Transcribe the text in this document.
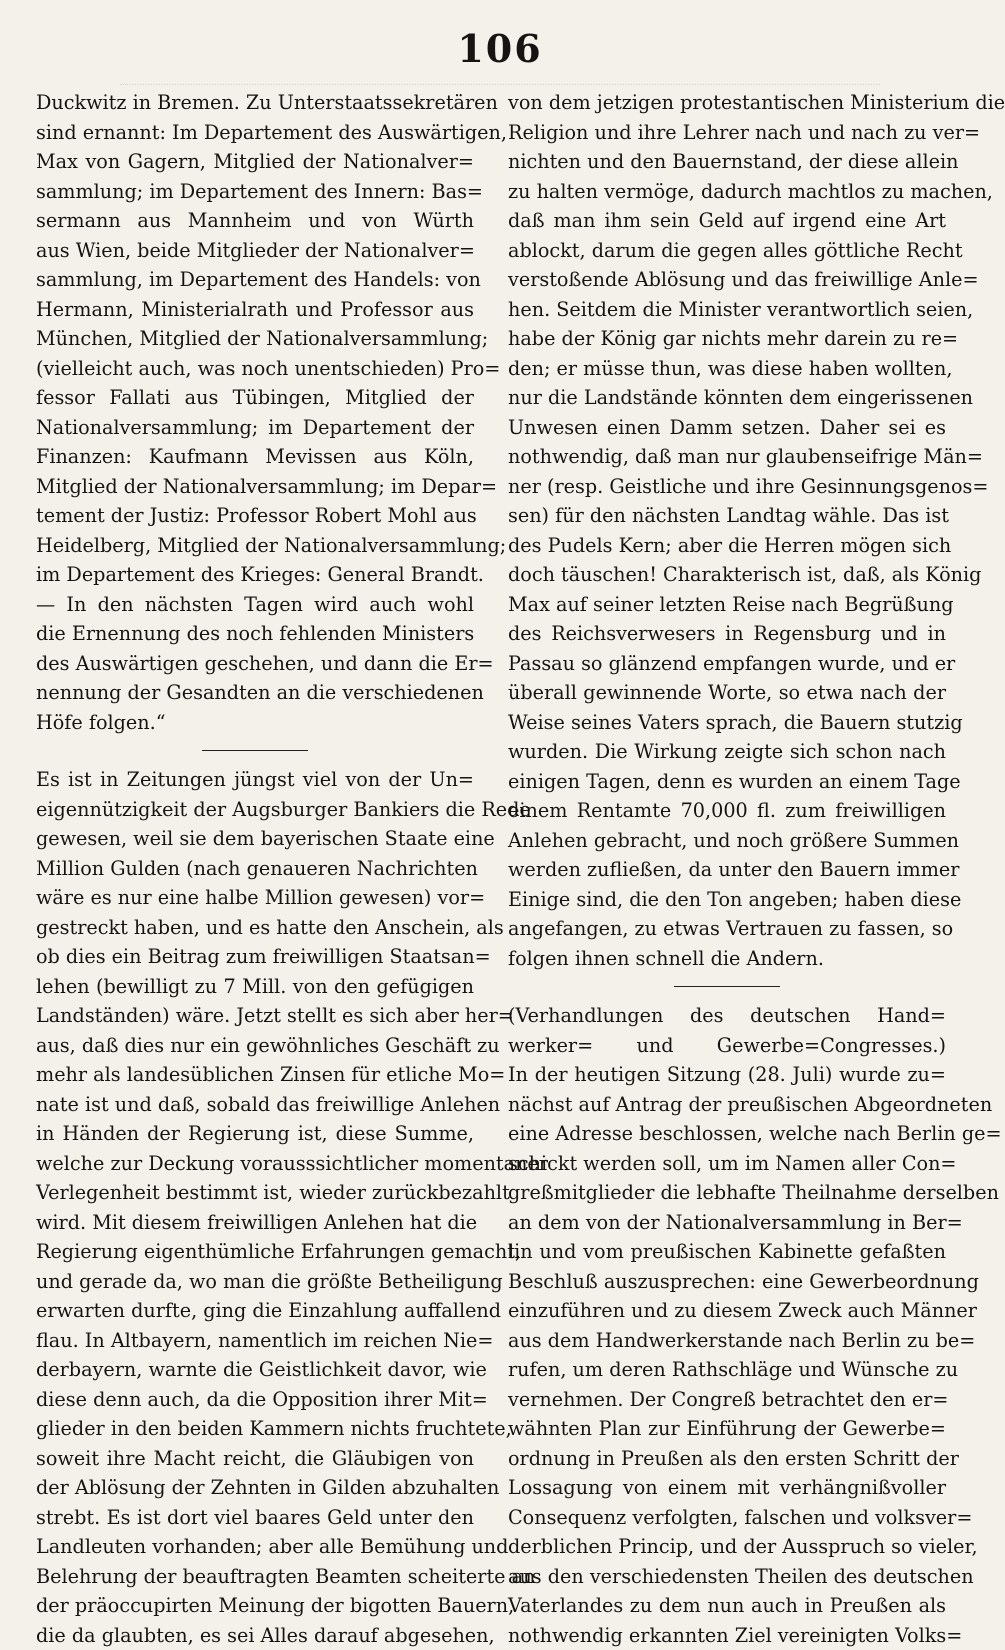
106
Duckwitz in Bremen. Zu Unterstaatssekretären
sind ernannt: Im Departement des Auswärtigen,
Max von Gagern, Mitglied der Nationalver=
sammlung; im Departement des Innern: Bas=
sermann aus Mannheim und von Würth
aus Wien, beide Mitglieder der Nationalver=
sammlung, im Departement des Handels: von
Hermann, Ministerialrath und Professor aus
München, Mitglied der Nationalversammlung;
(vielleicht auch, was noch unentschieden) Pro=
fessor Fallati aus Tübingen, Mitglied der
Nationalversammlung; im Departement der
Finanzen: Kaufmann Mevissen aus Köln,
Mitglied der Nationalversammlung; im Depar=
tement der Justiz: Professor Robert Mohl aus
Heidelberg, Mitglied der Nationalversammlung;
im Departement des Krieges: General Brandt.
— In den nächsten Tagen wird auch wohl
die Ernennung des noch fehlenden Ministers
des Auswärtigen geschehen, und dann die Er=
nennung der Gesandten an die verschiedenen
Höfe folgen.“
Es ist in Zeitungen jüngst viel von der Un=
eigennützigkeit der Augsburger Bankiers die Rede
gewesen, weil sie dem bayerischen Staate eine
Million Gulden (nach genaueren Nachrichten
wäre es nur eine halbe Million gewesen) vor=
gestreckt haben, und es hatte den Anschein, als
ob dies ein Beitrag zum freiwilligen Staatsan=
lehen (bewilligt zu 7 Mill. von den gefügigen
Landständen) wäre. Jetzt stellt es sich aber her=
aus, daß dies nur ein gewöhnliches Geschäft zu
mehr als landesüblichen Zinsen für etliche Mo=
nate ist und daß, sobald das freiwillige Anlehen
in Händen der Regierung ist, diese Summe,
welche zur Deckung vorausssichtlicher momentaner
Verlegenheit bestimmt ist, wieder zurückbezahlt
wird. Mit diesem freiwilligen Anlehen hat die
Regierung eigenthümliche Erfahrungen gemacht,
und gerade da, wo man die größte Betheiligung
erwarten durfte, ging die Einzahlung auffallend
flau. In Altbayern, namentlich im reichen Nie=
derbayern, warnte die Geistlichkeit davor, wie
diese denn auch, da die Opposition ihrer Mit=
glieder in den beiden Kammern nichts fruchtete,
soweit ihre Macht reicht, die Gläubigen von
der Ablösung der Zehnten in Gilden abzuhalten
strebt. Es ist dort viel baares Geld unter den
Landleuten vorhanden; aber alle Bemühung und
Belehrung der beauftragten Beamten scheiterte an
der präoccupirten Meinung der bigotten Bauern,
die da glaubten, es sei Alles darauf abgesehen,
von dem jetzigen protestantischen Ministerium die
Religion und ihre Lehrer nach und nach zu ver=
nichten und den Bauernstand, der diese allein
zu halten vermöge, dadurch machtlos zu machen,
daß man ihm sein Geld auf irgend eine Art
ablockt, darum die gegen alles göttliche Recht
verstoßende Ablösung und das freiwillige Anle=
hen. Seitdem die Minister verantwortlich seien,
habe der König gar nichts mehr darein zu re=
den; er müsse thun, was diese haben wollten,
nur die Landstände könnten dem eingerissenen
Unwesen einen Damm setzen. Daher sei es
nothwendig, daß man nur glaubenseifrige Män=
ner (resp. Geistliche und ihre Gesinnungsgenos=
sen) für den nächsten Landtag wähle. Das ist
des Pudels Kern; aber die Herren mögen sich
doch täuschen! Charakterisch ist, daß, als König
Max auf seiner letzten Reise nach Begrüßung
des Reichsverwesers in Regensburg und in
Passau so glänzend empfangen wurde, und er
überall gewinnende Worte, so etwa nach der
Weise seines Vaters sprach, die Bauern stutzig
wurden. Die Wirkung zeigte sich schon nach
einigen Tagen, denn es wurden an einem Tage
einem Rentamte 70,000 fl. zum freiwilligen
Anlehen gebracht, und noch größere Summen
werden zufließen, da unter den Bauern immer
Einige sind, die den Ton angeben; haben diese
angefangen, zu etwas Vertrauen zu fassen, so
folgen ihnen schnell die Andern.
(Verhandlungen des deutschen Hand=
werker= und Gewerbe=Congresses.)
In der heutigen Sitzung (28. Juli) wurde zu=
nächst auf Antrag der preußischen Abgeordneten
eine Adresse beschlossen, welche nach Berlin ge=
schickt werden soll, um im Namen aller Con=
greßmitglieder die lebhafte Theilnahme derselben
an dem von der Nationalversammlung in Ber=
lin und vom preußischen Kabinette gefaßten
Beschluß auszusprechen: eine Gewerbeordnung
einzuführen und zu diesem Zweck auch Männer
aus dem Handwerkerstande nach Berlin zu be=
rufen, um deren Rathschläge und Wünsche zu
vernehmen. Der Congreß betrachtet den er=
wähnten Plan zur Einführung der Gewerbe=
ordnung in Preußen als den ersten Schritt der
Lossagung von einem mit verhängnißvoller
Consequenz verfolgten, falschen und volksver=
derblichen Princip, und der Ausspruch so vieler,
aus den verschiedensten Theilen des deutschen
Vaterlandes zu dem nun auch in Preußen als
nothwendig erkannten Ziel vereinigten Volks=
